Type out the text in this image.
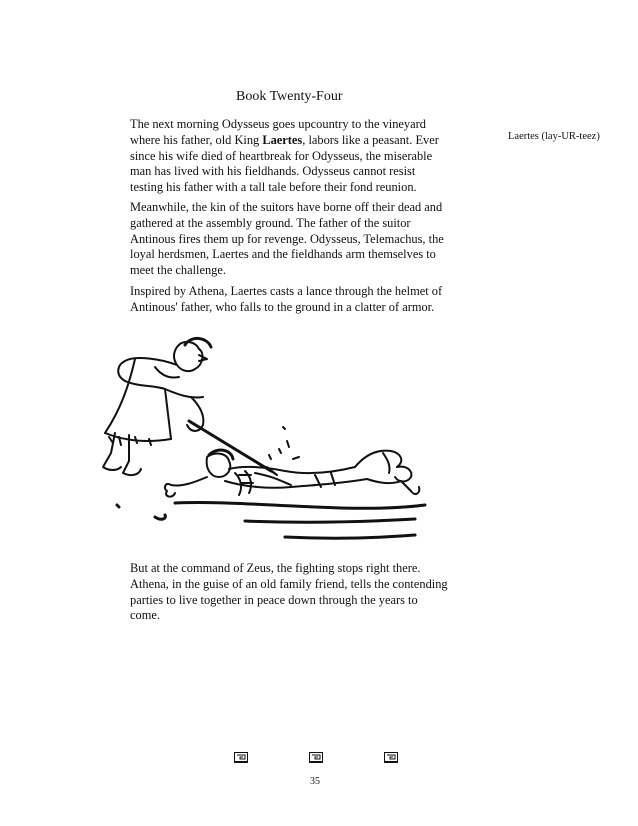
Book Twenty-Four

The next morning Odysseus goes upcountry to the vineyard where his father, old King Laertes, labors like a peasant. Ever since his wife died of heartbreak for Odysseus, the miserable man has lived with his fieldhands. Odysseus cannot resist testing his father with a tall tale before their fond reunion.

Laertes (lay-UR-teez)

Meanwhile, the kin of the suitors have borne off their dead and gathered at the assembly ground. The father of the suitor Antinous fires them up for revenge. Odysseus, Telemachus, the loyal herdsmen, Laertes and the fieldhands arm themselves to meet the challenge.

Inspired by Athena, Laertes casts a lance through the helmet of Antinous' father, who falls to the ground in a clatter of armor.

But at the command of Zeus, the fighting stops right there. Athena, in the guise of an old family friend, tells the contending parties to live together in peace down through the years to come.

35
